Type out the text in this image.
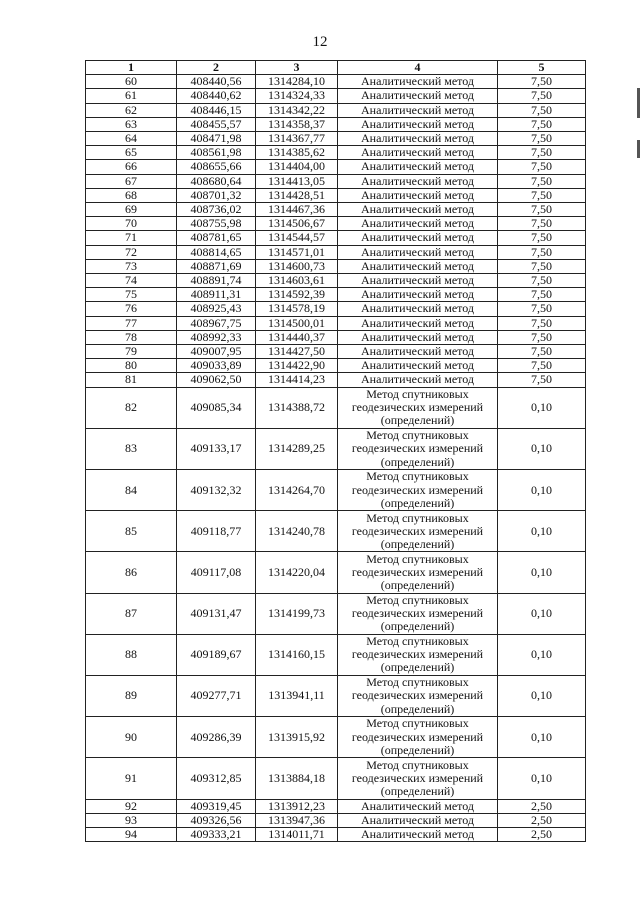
12
1	2	3	4	5
60	408440,56	1314284,10	Аналитический метод	7,50
61	408440,62	1314324,33	Аналитический метод	7,50
62	408446,15	1314342,22	Аналитический метод	7,50
63	408455,57	1314358,37	Аналитический метод	7,50
64	408471,98	1314367,77	Аналитический метод	7,50
65	408561,98	1314385,62	Аналитический метод	7,50
66	408655,66	1314404,00	Аналитический метод	7,50
67	408680,64	1314413,05	Аналитический метод	7,50
68	408701,32	1314428,51	Аналитический метод	7,50
69	408736,02	1314467,36	Аналитический метод	7,50
70	408755,98	1314506,67	Аналитический метод	7,50
71	408781,65	1314544,57	Аналитический метод	7,50
72	408814,65	1314571,01	Аналитический метод	7,50
73	408871,69	1314600,73	Аналитический метод	7,50
74	408891,74	1314603,61	Аналитический метод	7,50
75	408911,31	1314592,39	Аналитический метод	7,50
76	408925,43	1314578,19	Аналитический метод	7,50
77	408967,75	1314500,01	Аналитический метод	7,50
78	408992,33	1314440,37	Аналитический метод	7,50
79	409007,95	1314427,50	Аналитический метод	7,50
80	409033,89	1314422,90	Аналитический метод	7,50
81	409062,50	1314414,23	Аналитический метод	7,50
82	409085,34	1314388,72	Метод спутниковых
геодезических измерений
(определений)	0,10
83	409133,17	1314289,25	Метод спутниковых
геодезических измерений
(определений)	0,10
84	409132,32	1314264,70	Метод спутниковых
геодезических измерений
(определений)	0,10
85	409118,77	1314240,78	Метод спутниковых
геодезических измерений
(определений)	0,10
86	409117,08	1314220,04	Метод спутниковых
геодезических измерений
(определений)	0,10
87	409131,47	1314199,73	Метод спутниковых
геодезических измерений
(определений)	0,10
88	409189,67	1314160,15	Метод спутниковых
геодезических измерений
(определений)	0,10
89	409277,71	1313941,11	Метод спутниковых
геодезических измерений
(определений)	0,10
90	409286,39	1313915,92	Метод спутниковых
геодезических измерений
(определений)	0,10
91	409312,85	1313884,18	Метод спутниковых
геодезических измерений
(определений)	0,10
92	409319,45	1313912,23	Аналитический метод	2,50
93	409326,56	1313947,36	Аналитический метод	2,50
94	409333,21	1314011,71	Аналитический метод	2,50
